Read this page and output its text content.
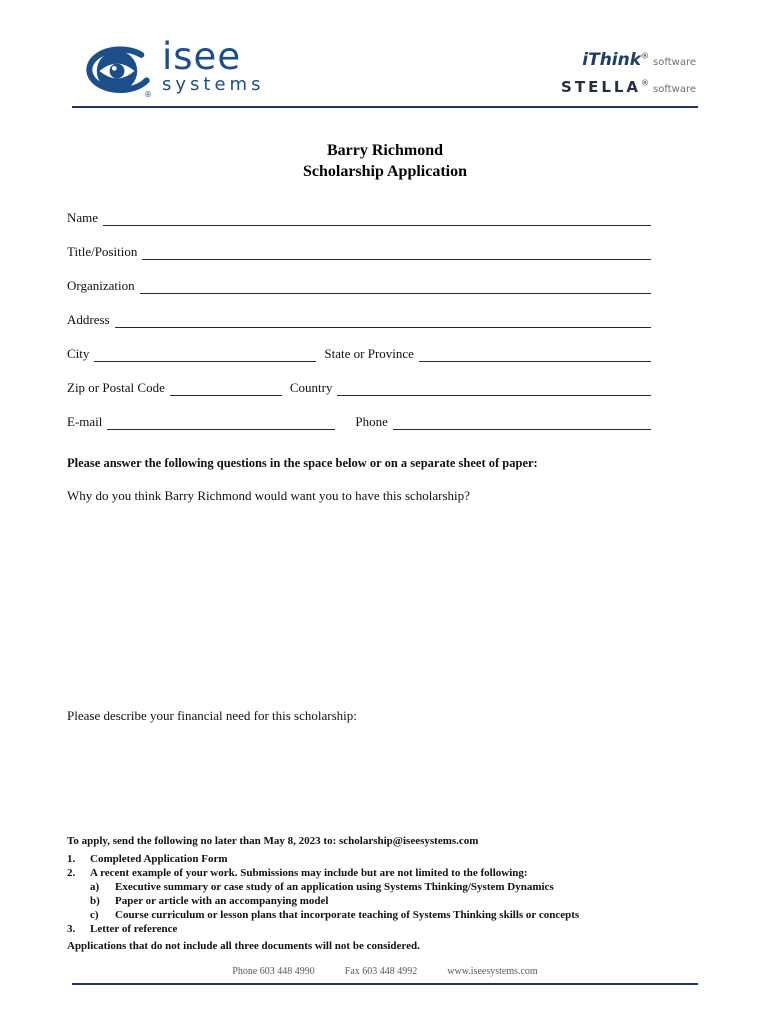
®
isee
systems
iThink®software
STELLA®software
Barry Richmond
Scholarship Application
Name
Title/Position
Organization
Address
City	State or Province
Zip or Postal Code	Country
E-mail	Phone
Please answer the following questions in the space below or on a separate sheet of paper:
Why do you think Barry Richmond would want you to have this scholarship?
Please describe your financial need for this scholarship:
To apply, send the following no later than May 8, 2023 to: scholarship@iseesystems.com
1.	Completed Application Form
2.	A recent example of your work. Submissions may include but are not limited to the following:
a)	Executive summary or case study of an application using Systems Thinking/System Dynamics
b)	Paper or article with an accompanying model
c)	Course curriculum or lesson plans that incorporate teaching of Systems Thinking skills or concepts
3.	Letter of reference
Applications that do not include all three documents will not be considered.
Phone 603 448 4990	Fax 603 448 4992	www.iseesystems.com
